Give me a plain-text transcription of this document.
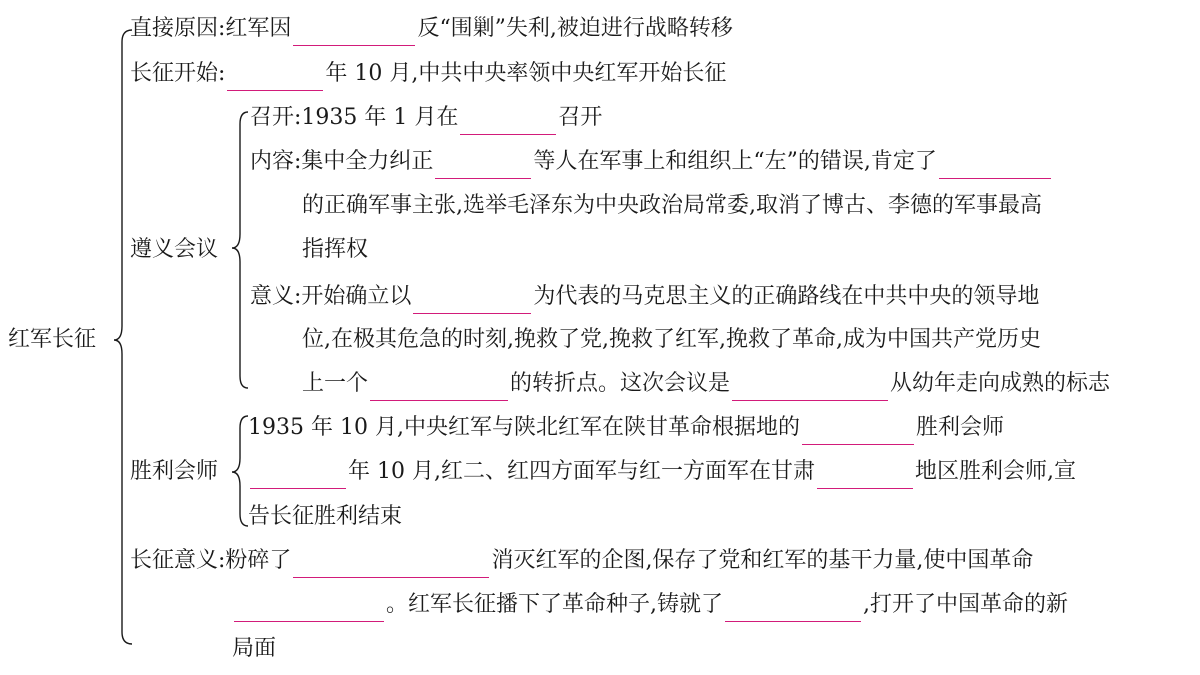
红军长征
直接原因:红军因	反“围剿”失利,被迫进行战略转移
长征开始:	年 10 月,中共中央率领中央红军开始长征
遵义会议
召开:1935 年 1 月在	召开
内容:集中全力纠正	等人在军事上和组织上“左”的错误,肯定了
的正确军事主张,选举毛泽东为中央政治局常委,取消了博古、李德的军事最高
指挥权
意义:开始确立以	为代表的马克思主义的正确路线在中共中央的领导地
位,在极其危急的时刻,挽救了党,挽救了红军,挽救了革命,成为中国共产党历史
上一个	的转折点。这次会议是	从幼年走向成熟的标志
胜利会师
1935 年 10 月,中央红军与陕北红军在陕甘革命根据地的	胜利会师
年 10 月,红二、红四方面军与红一方面军在甘肃	地区胜利会师,宣
告长征胜利结束
长征意义:粉碎了	消灭红军的企图,保存了党和红军的基干力量,使中国革命
。红军长征播下了革命种子,铸就了	,打开了中国革命的新
局面
